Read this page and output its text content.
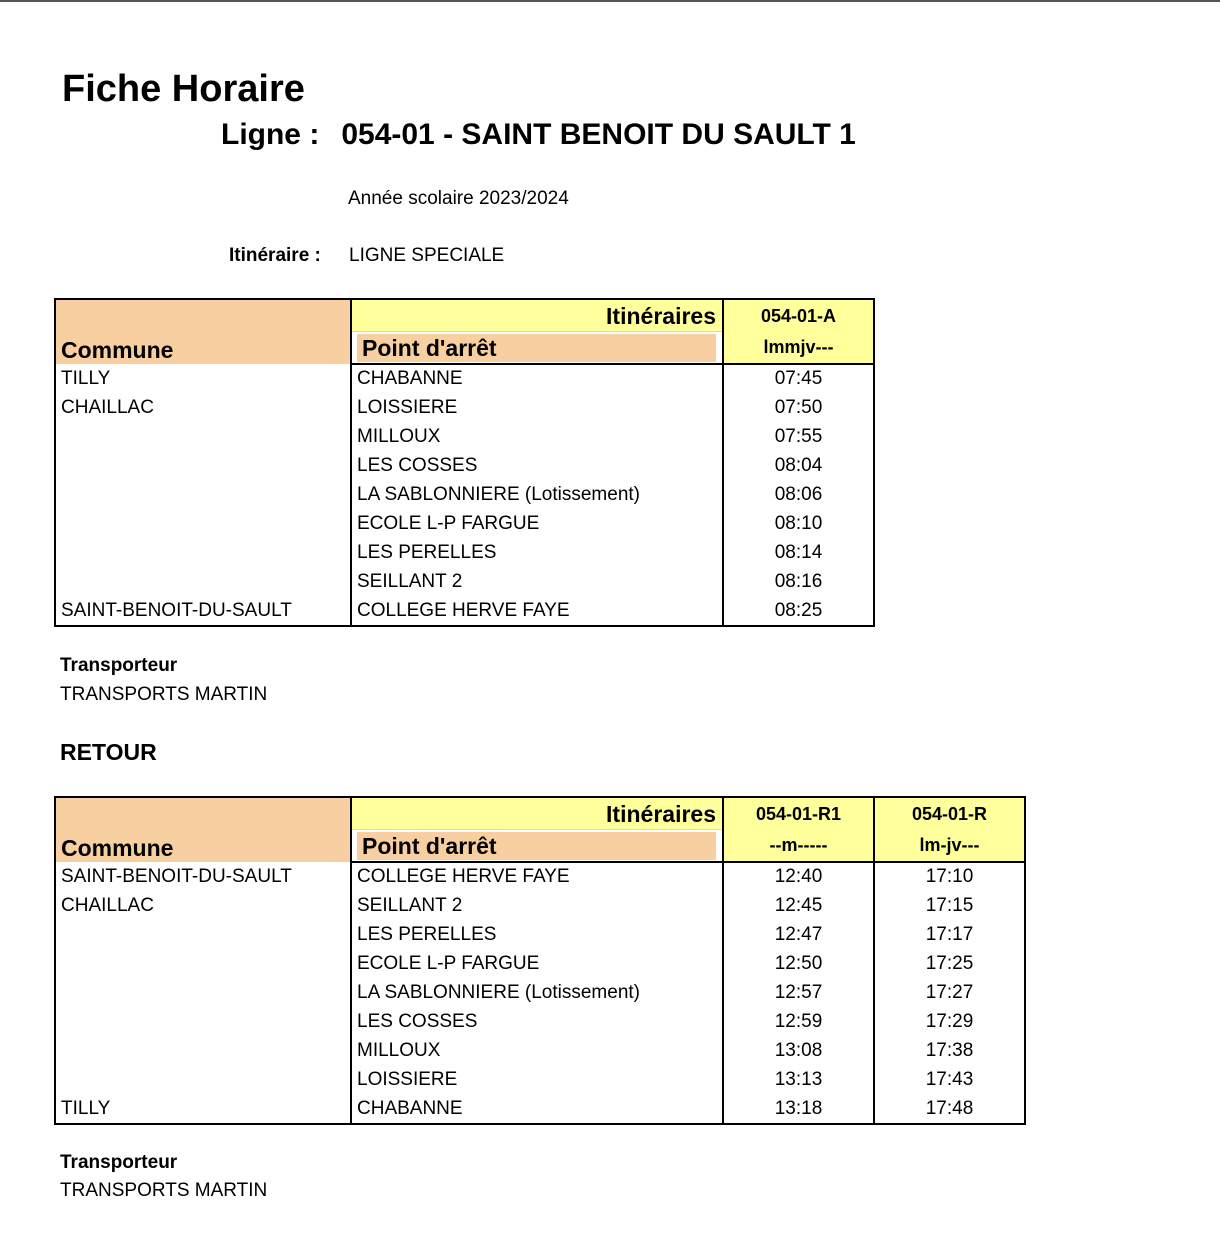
Fiche Horaire
Ligne : 054-01 - SAINT BENOIT DU SAULT 1
Année scolaire 2023/2024
Itinéraire : LIGNE SPECIALE
Commune	Itinéraires	054-01-A

	Point d'arrêt	lmmjv---
TILLY	CHABANNE	07:45
CHAILLAC	LOISSIERE	07:50
	MILLOUX	07:55
	LES COSSES	08:04
	LA SABLONNIERE (Lotissement)	08:06
	ECOLE L-P FARGUE	08:10
	LES PERELLES	08:14
	SEILLANT 2	08:16
SAINT-BENOIT-DU-SAULT	COLLEGE HERVE FAYE	08:25
Transporteur
TRANSPORTS MARTIN
RETOUR
Commune	Itinéraires	054-01-R1	054-01-R

	Point d'arrêt	--m-----	lm-jv---
SAINT-BENOIT-DU-SAULT	COLLEGE HERVE FAYE	12:40	17:10
CHAILLAC	SEILLANT 2	12:45	17:15
	LES PERELLES	12:47	17:17
	ECOLE L-P FARGUE	12:50	17:25
	LA SABLONNIERE (Lotissement)	12:57	17:27
	LES COSSES	12:59	17:29
	MILLOUX	13:08	17:38
	LOISSIERE	13:13	17:43
TILLY	CHABANNE	13:18	17:48
Transporteur
TRANSPORTS MARTIN
